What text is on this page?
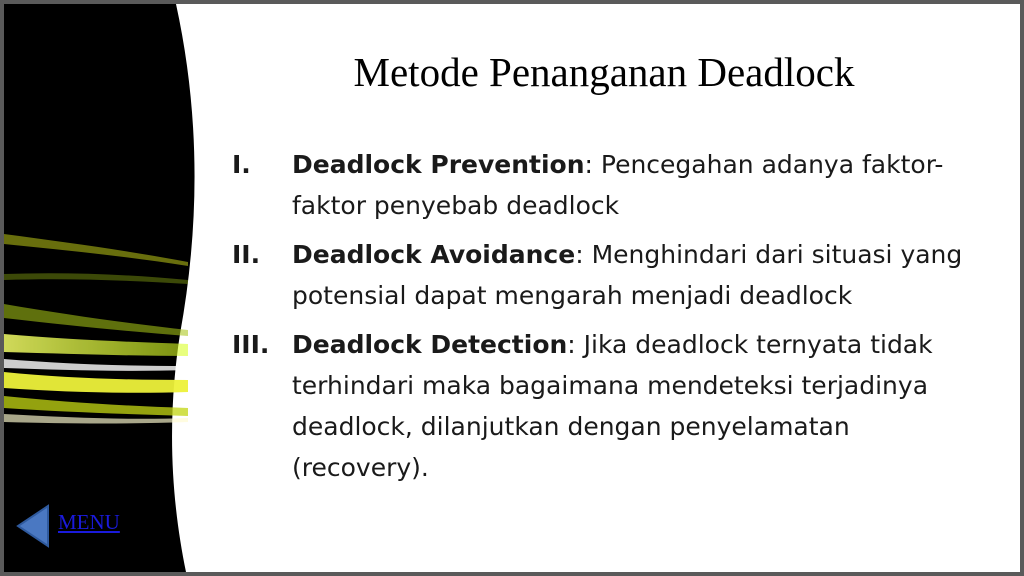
Metode Penanganan Deadlock
I. Deadlock Prevention: Pencegahan adanya faktor-faktor penyebab deadlock
II. Deadlock Avoidance: Menghindari dari situasi yang potensial dapat mengarah menjadi deadlock
III. Deadlock Detection: Jika deadlock ternyata tidak terhindari maka bagaimana mendeteksi terjadinya deadlock, dilanjutkan dengan penyelamatan (recovery).
MENU
